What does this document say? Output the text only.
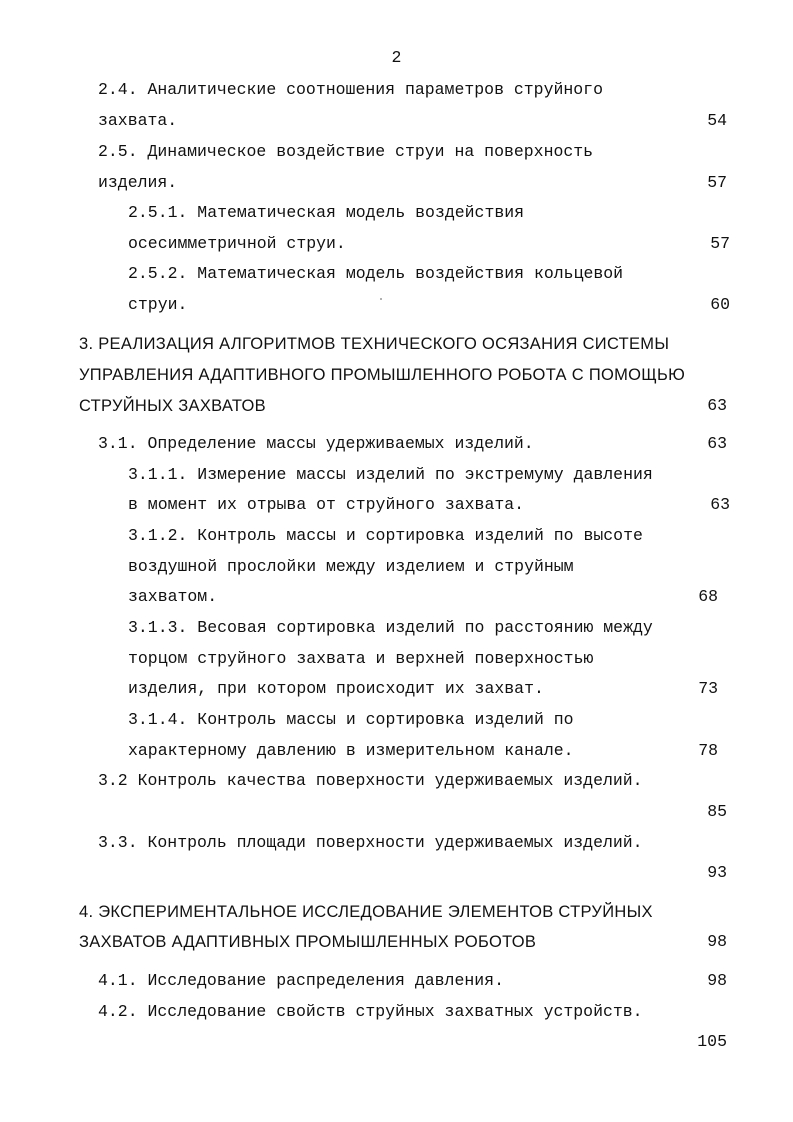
2
2.4. Аналитические соотношения параметров струйного
захвата.	54
2.5. Динамическое воздействие струи на поверхность
изделия.	57
2.5.1. Математическая модель воздействия
осесимметричной струи.	57
2.5.2. Математическая модель воздействия кольцевой
струи.	60
3. РЕАЛИЗАЦИЯ АЛГОРИТМОВ ТЕХНИЧЕСКОГО ОСЯЗАНИЯ СИСТЕМЫ
УПРАВЛЕНИЯ АДАПТИВНОГО ПРОМЫШЛЕННОГО РОБОТА С ПОМОЩЬЮ
СТРУЙНЫХ ЗАХВАТОВ	63
3.1. Определение массы удерживаемых изделий.	63
3.1.1. Измерение массы изделий по экстремуму давления
в момент их отрыва от струйного захвата.	63
3.1.2. Контроль массы и сортировка изделий по высоте
воздушной прослойки между изделием и струйным
захватом.	68
3.1.3. Весовая сортировка изделий по расстоянию между
торцом струйного захвата и верхней поверхностью
изделия, при котором происходит их захват.	73
3.1.4. Контроль массы и сортировка изделий по
характерному давлению в измерительном канале.	78
3.2 Контроль качества поверхности удерживаемых изделий.
85
3.3. Контроль площади поверхности удерживаемых изделий.
93
4. ЭКСПЕРИМЕНТАЛЬНОЕ ИССЛЕДОВАНИЕ ЭЛЕМЕНТОВ СТРУЙНЫХ
ЗАХВАТОВ АДАПТИВНЫХ ПРОМЫШЛЕННЫХ РОБОТОВ	98
4.1. Исследование распределения давления.	98
4.2. Исследование свойств струйных захватных устройств.
105
